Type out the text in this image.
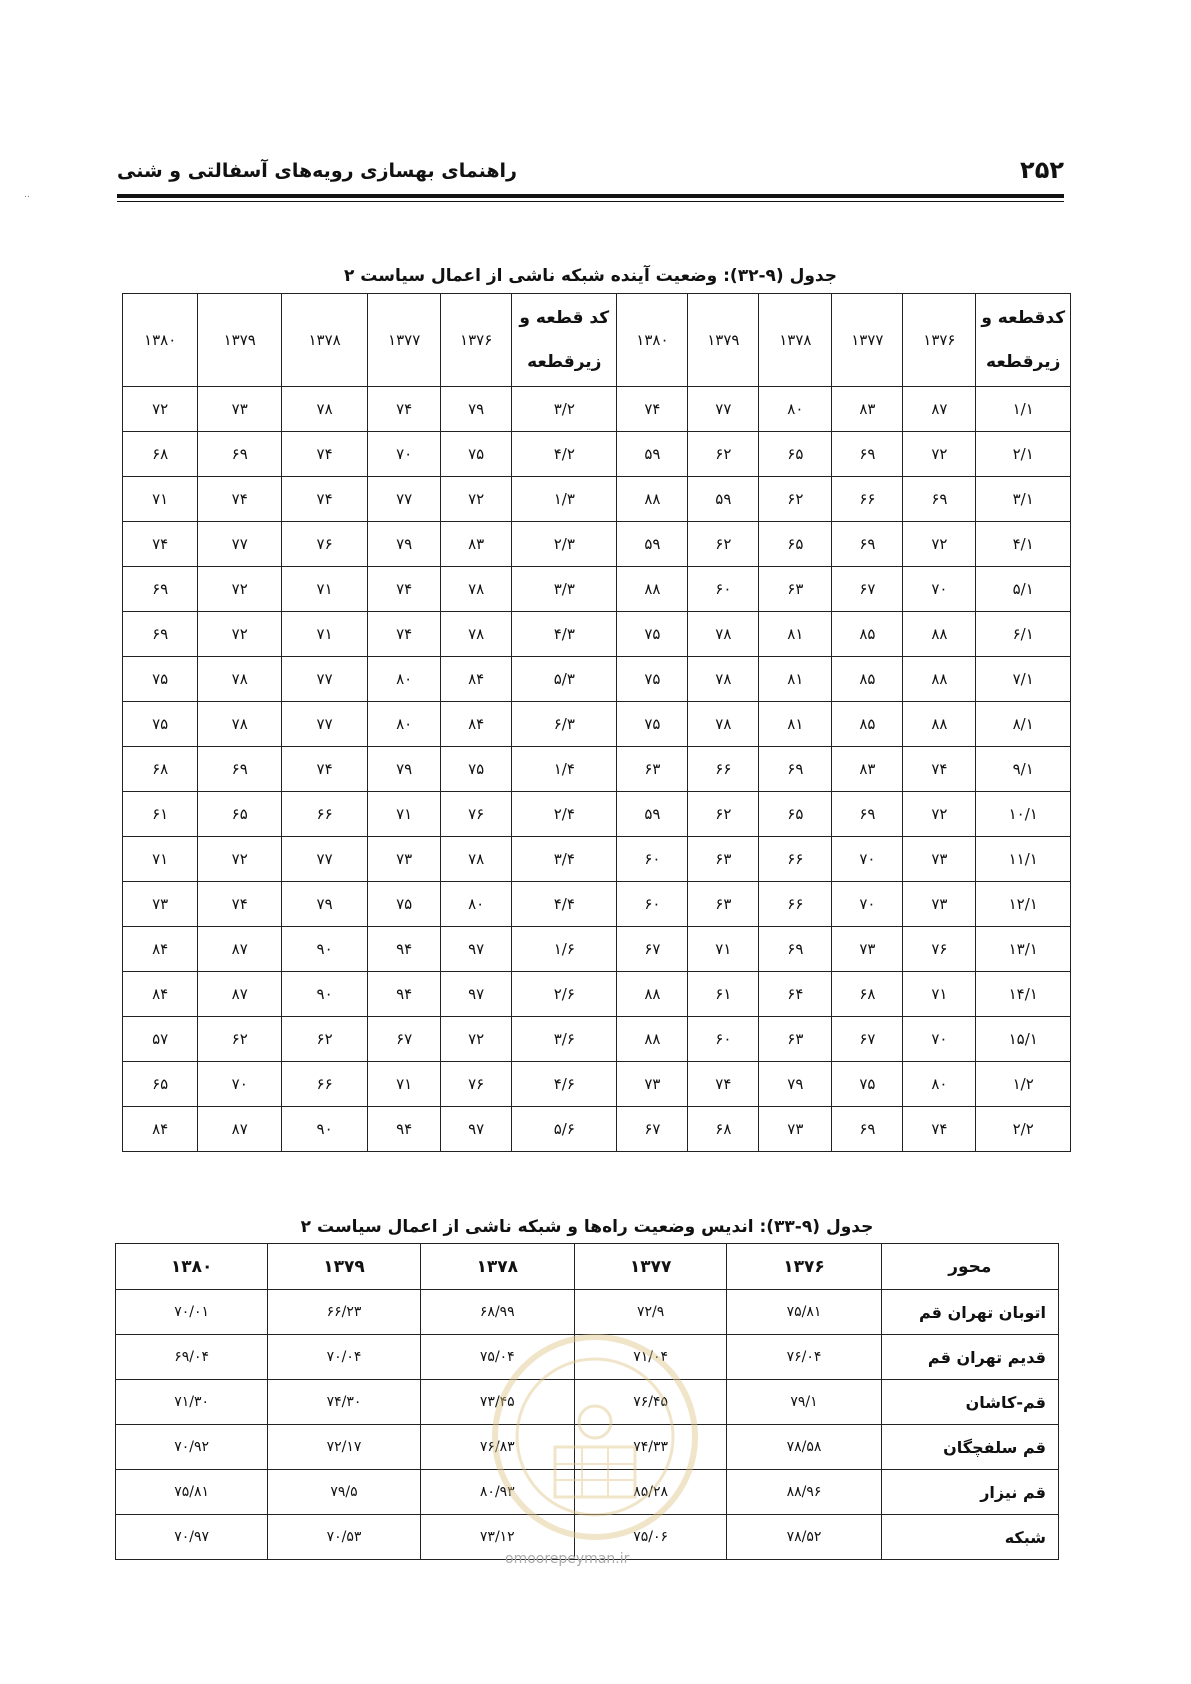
۲۵۲
راهنمای بهسازی رویه‌های آسفالتی و شنی
‥
جدول (۹-۳۲): وضعیت آینده شبکه ناشی از اعمال سیاست ۲
کدقطعه و زیرقطعه	۱۳۷۶	۱۳۷۷	۱۳۷۸	۱۳۷۹	۱۳۸۰	کد قطعه و زیرقطعه	۱۳۷۶	۱۳۷۷	۱۳۷۸	۱۳۷۹	۱۳۸۰
۱/۱	۸۷	۸۳	۸۰	۷۷	۷۴	۳/۲	۷۹	۷۴	۷۸	۷۳	۷۲
۲/۱	۷۲	۶۹	۶۵	۶۲	۵۹	۴/۲	۷۵	۷۰	۷۴	۶۹	۶۸
۳/۱	۶۹	۶۶	۶۲	۵۹	۸۸	۱/۳	۷۲	۷۷	۷۴	۷۴	۷۱
۴/۱	۷۲	۶۹	۶۵	۶۲	۵۹	۲/۳	۸۳	۷۹	۷۶	۷۷	۷۴
۵/۱	۷۰	۶۷	۶۳	۶۰	۸۸	۳/۳	۷۸	۷۴	۷۱	۷۲	۶۹
۶/۱	۸۸	۸۵	۸۱	۷۸	۷۵	۴/۳	۷۸	۷۴	۷۱	۷۲	۶۹
۷/۱	۸۸	۸۵	۸۱	۷۸	۷۵	۵/۳	۸۴	۸۰	۷۷	۷۸	۷۵
۸/۱	۸۸	۸۵	۸۱	۷۸	۷۵	۶/۳	۸۴	۸۰	۷۷	۷۸	۷۵
۹/۱	۷۴	۸۳	۶۹	۶۶	۶۳	۱/۴	۷۵	۷۹	۷۴	۶۹	۶۸
۱۰/۱	۷۲	۶۹	۶۵	۶۲	۵۹	۲/۴	۷۶	۷۱	۶۶	۶۵	۶۱
۱۱/۱	۷۳	۷۰	۶۶	۶۳	۶۰	۳/۴	۷۸	۷۳	۷۷	۷۲	۷۱
۱۲/۱	۷۳	۷۰	۶۶	۶۳	۶۰	۴/۴	۸۰	۷۵	۷۹	۷۴	۷۳
۱۳/۱	۷۶	۷۳	۶۹	۷۱	۶۷	۱/۶	۹۷	۹۴	۹۰	۸۷	۸۴
۱۴/۱	۷۱	۶۸	۶۴	۶۱	۸۸	۲/۶	۹۷	۹۴	۹۰	۸۷	۸۴
۱۵/۱	۷۰	۶۷	۶۳	۶۰	۸۸	۳/۶	۷۲	۶۷	۶۲	۶۲	۵۷
۱/۲	۸۰	۷۵	۷۹	۷۴	۷۳	۴/۶	۷۶	۷۱	۶۶	۷۰	۶۵
۲/۲	۷۴	۶۹	۷۳	۶۸	۶۷	۵/۶	۹۷	۹۴	۹۰	۸۷	۸۴
جدول (۹-۳۳): اندیس وضعیت راه‌ها و شبکه ناشی از اعمال سیاست ۲
محور	۱۳۷۶	۱۳۷۷	۱۳۷۸	۱۳۷۹	۱۳۸۰
اتوبان تهران قم	۷۵/۸۱	۷۲/۹	۶۸/۹۹	۶۶/۲۳	۷۰/۰۱
قدیم تهران قم	۷۶/۰۴	۷۱/۰۴	۷۵/۰۴	۷۰/۰۴	۶۹/۰۴
قم-کاشان	۷۹/۱	۷۶/۴۵	۷۳/۴۵	۷۴/۳۰	۷۱/۳۰
قم سلفچگان	۷۸/۵۸	۷۴/۳۳	۷۶/۸۳	۷۲/۱۷	۷۰/۹۲
قم نیزار	۸۸/۹۶	۸۵/۲۸	۸۰/۹۳	۷۹/۵	۷۵/۸۱
شبکه	۷۸/۵۲	۷۵/۰۶	۷۳/۱۲	۷۰/۵۳	۷۰/۹۷
omoorepeyman.ir
